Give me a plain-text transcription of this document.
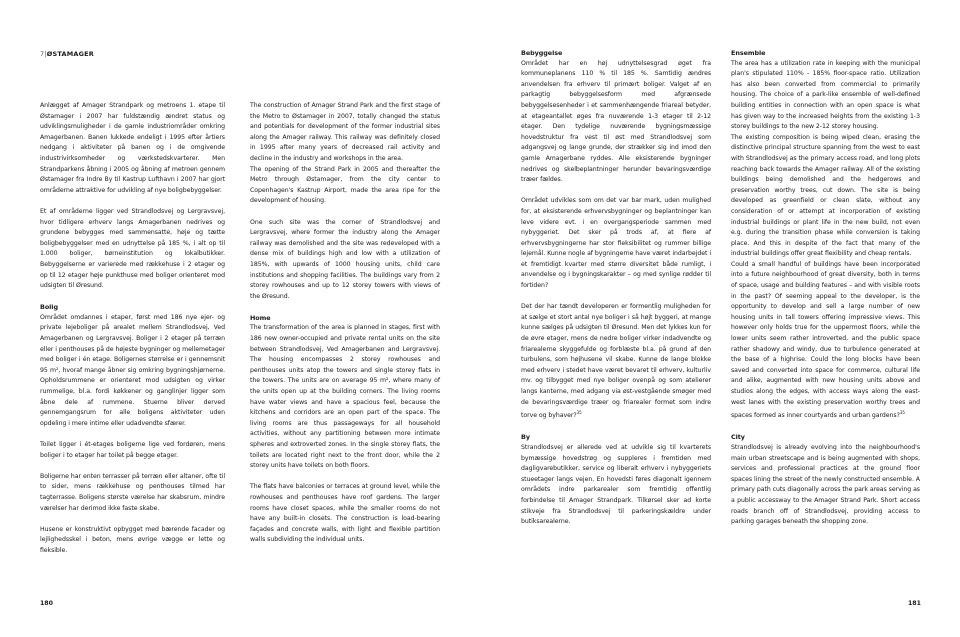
7|ØSTAMAGER

Anlægget af Amager Strandpark og metroens 1. etape til Østamager i 2007 har fuldstændig ændret status og udviklingsmuligheder i de gamle industriområder omkring Amagerbanen. Banen lukkede endeligt i 1995 efter årtiers nedgang i aktiviteter på banen og i de omgivende industrivirksomheder og værkstedskvarterer. Men Strandparkens åbning i 2005 og åbning af metroen gennem Østamager fra Indre By til Kastrup Lufthavn i 2007 har gjort områderne attraktive for udvikling af nye boligbebyggelser.

Et af områderne ligger ved Strandlodsvej og Lergravsvej, hvor tidligere erhverv langs Amagerbanen nedrives og grundene bebygges med sammensatte, høje og tætte boligbebyggelser med en udnyttelse på 185 %, i alt op til 1.000 boliger, børneinstitution og lokalbutikker. Bebyggelserne er varierede med rækkehuse i 2 etager og op til 12 etager høje punkthuse med boliger orienteret mod udsigten til Øresund.

Bolig

Området omdannes i etaper, først med 186 nye ejer- og private lejeboliger på arealet mellem Strandlodsvej, Ved Amagerbanen og Lergravsvej. Boliger i 2 etager på terræn eller i penthouses på de højeste bygninger og mellemetager med boliger i én etage. Boligernes størrelse er i gennemsnit 95 m², hvoraf mange åbner sig omkring bygningshjørnerne. Opholdsrummene er orienteret mod udsigten og virker rummelige, bl.a. fordi køkkener og ganglinjer ligger som åbne dele af rummene. Stuerne bliver derved gennemgangsrum for alle boligens aktiviteter uden opdeling i mere intime eller udadvendte sfærer.

Toilet ligger i ét-etages boligerne lige ved fordøren, mens boliger i to etager har toilet på begge etager.

Boligerne har enten terrasser på terræn eller altaner, ofte til to sider, mens rækkehuse og penthouses tilmed har tagterrasse. Boligens største værelse har skabsrum, mindre værelser har derimod ikke faste skabe.

Husene er konstruktivt opbygget med bærende facader og lejlighedsskel i beton, mens øvrige vægge er lette og fleksible.

The construction of Amager Strand Park and the first stage of the Metro to Østamager in 2007, totally changed the status and potentials for development of the former industrial sites along the Amager railway. This railway was definitely closed in 1995 after many years of decreased rail activity and decline in the industry and workshops in the area.

The opening of the Strand Park in 2005 and thereafter the Metro through Østamager, from the city center to Copenhagen's Kastrup Airport, made the area ripe for the development of housing.

One such site was the corner of Strandlodsvej and Lergravsvej, where former the industry along the Amager railway was demolished and the site was redeveloped with a dense mix of buildings high and low with a utilization of 185%, with upwards of 1000 housing units, child care institutions and shopping facilities. The buildings vary from 2 storey rowhouses and up to 12 storey towers with views of the Øresund.

Home

The transformation of the area is planned in stages, first with 186 new owner-occupied and private rental units on the site between Strandlodsvej, Ved Amagerbanen and Lergravsvej. The housing encompasses 2 storey rowhouses and penthouses units atop the towers and single storey flats in the towers. The units are on average 95 m², where many of the units open up at the building corners. The living rooms have water views and have a spacious feel, because the kitchens and corridors are an open part of the space. The living rooms are thus passageways for all household activities, without any partitioning between more intimate spheres and extroverted zones. In the single storey flats, the toilets are located right next to the front door, while the 2 storey units have toilets on both floors.

The flats have balconies or terraces at ground level, while the rowhouses and penthouses have roof gardens. The larger rooms have closet spaces, while the smaller rooms do not have any built-in closets. The construction is load-bearing façades and concrete walls, with light and flexible partition walls subdividing the individual units.

180
Bebyggelse

Området har en høj udnyttelsesgrad øget fra kommuneplanens 110 % til 185 %. Samtidig ændres anvendelsen fra erhverv til primært boliger. Valget af en parkagtig bebyggelsesform med afgrænsede bebyggelsesenheder i et sammenhængende friareal betyder, at etageantallet øges fra nuværende 1-3 etager til 2-12 etager. Den tydelige nuværende bygningsmæssige hovedstruktur fra vest til øst med Strandlodsvej som adgangsvej og lange grunde, der strækker sig ind imod den gamle Amagerbane ryddes. Alle eksisterende bygninger nedrives og skelbeplantninger herunder bevaringsværdige træer fældes.

Området udvikles som om det var bar mark, uden mulighed for, at eksisterende erhvervsbygninger og beplantninger kan leve videre evt. i en overgangsperiode sammen med nybyggeriet. Det sker på trods af, at flere af erhvervsbygningerne har stor fleksibilitet og rummer billige lejemål. Kunne nogle af bygningerne have været indarbejdet i et fremtidigt kvarter med større diversitet både rumligt, i anvendelse og i bygningskarakter – og med synlige rødder til fortiden?

Det der har tændt developeren er formentlig muligheden for at sælge et stort antal nye boliger i så højt byggeri, at mange kunne sælges på udsigten til Øresund. Men det lykkes kun for de øvre etager, mens de nedre boliger virker indadvendte og friarealerne skyggefulde og forblæste bl.a. på grund af den turbulens, som højhusene vil skabe. Kunne de lange blokke med erhverv i stedet have været bevaret til erhverv, kulturliv mv. og tilbygget med nye boliger ovenpå og som atelierer langs kanterne, med adgang via øst-vestgående smøger med de bevaringsværdige træer og friarealer formet som indre torve og byhaver?$^{35}$

By

Strandlodsvej er allerede ved at udvikle sig til kvarterets bymæssige hovedstrøg og suppleres i fremtiden med dagligvarebutikker, service og liberalt erhverv i nybyggeriets stueetager langs vejen. En hovedsti føres diagonalt igennem områdets indre parkarealer som fremtidig offentlig forbindelse til Amager Strandpark. Tilkørsel sker ad korte stikveje fra Strandlodsvej til parkeringskældre under butiksarealerne.

Ensemble

The area has a utilization rate in keeping with the municipal plan's stipulated 110% - 185% floor-space ratio. Utilization has also been converted from commercial to primarily housing. The choice of a park-like ensemble of well-defined building entities in connection with an open space is what has given way to the increased heights from the existing 1-3 storey buildings to the new 2-12 storey housing.

The existing composition is being wiped clean, erasing the distinctive principal structure spanning from the west to east with Strandlodsvej as the primary access road, and long plots reaching back towards the Amager railway. All of the existing buildings being demolished and the hedgerows and preservation worthy trees, cut down. The site is being developed as greenfield or clean slate, without any consideration of or attempt at incorporation of existing industrial buildings or plant life in the new build, not even e.g. during the transition phase while conversion is taking place. And this in despite of the fact that many of the industrial buildings offer great flexibility and cheap rentals.

Could a small handful of buildings have been incorporated into a future neighbourhood of great diversity, both in terms of space, usage and building features – and with visible roots in the past? Of seeming appeal to the developer, is the opportunity to develop and sell a large number of new housing units in tall towers offering impressive views. This however only holds true for the uppermost floors, while the lower units seem rather introverted, and the public space rather shadowy and windy, due to turbulence generated at the base of a highrise. Could the long blocks have been saved and converted into space for commerce, cultural life and alike, augmented with new housing units above and studios along the edges, with access ways along the east-west lanes with the existing preservation worthy trees and spaces formed as inner courtyards and urban gardens?$^{35}$

City

Strandlodsvej is already evolving into the neighbourhood's main urban streetscape and is being augmented with shops, services and professional practices at the ground floor spaces lining the street of the newly constructed ensemble. A primary path cuts diagonally across the park areas serving as a public accessway to the Amager Strand Park. Short access roads branch off of Strandlodsvej, providing access to parking garages beneath the shopping zone.

181
